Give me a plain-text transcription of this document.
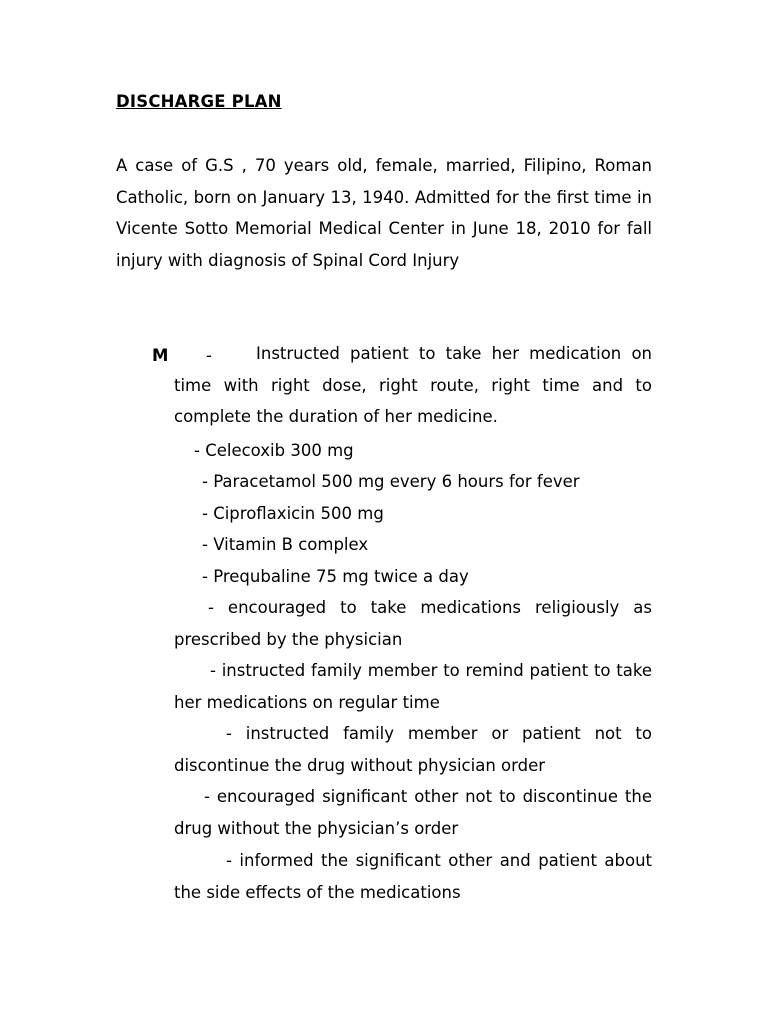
DISCHARGE PLAN

A case of G.S , 70 years old, female, married, Filipino, Roman Catholic, born on January 13, 1940. Admitted for the first time in Vicente Sotto Memorial Medical Center in June 18, 2010 for fall injury with diagnosis of Spinal Cord Injury

M -	Instructed patient to take her medication on time with right dose, right route, right time and to complete the duration of her medicine.

- Celecoxib 300 mg
- Paracetamol 500 mg every 6 hours for fever
- Ciproflaxicin 500 mg
- Vitamin B complex
- Prequbaline 75 mg twice a day

- encouraged to take medications religiously as prescribed by the physician

- instructed family member to remind patient to take her medications on regular time

- instructed family member or patient not to discontinue the drug without physician order

- encouraged significant other not to discontinue the drug without the physician’s order

- informed the significant other and patient about the side effects of the medications
